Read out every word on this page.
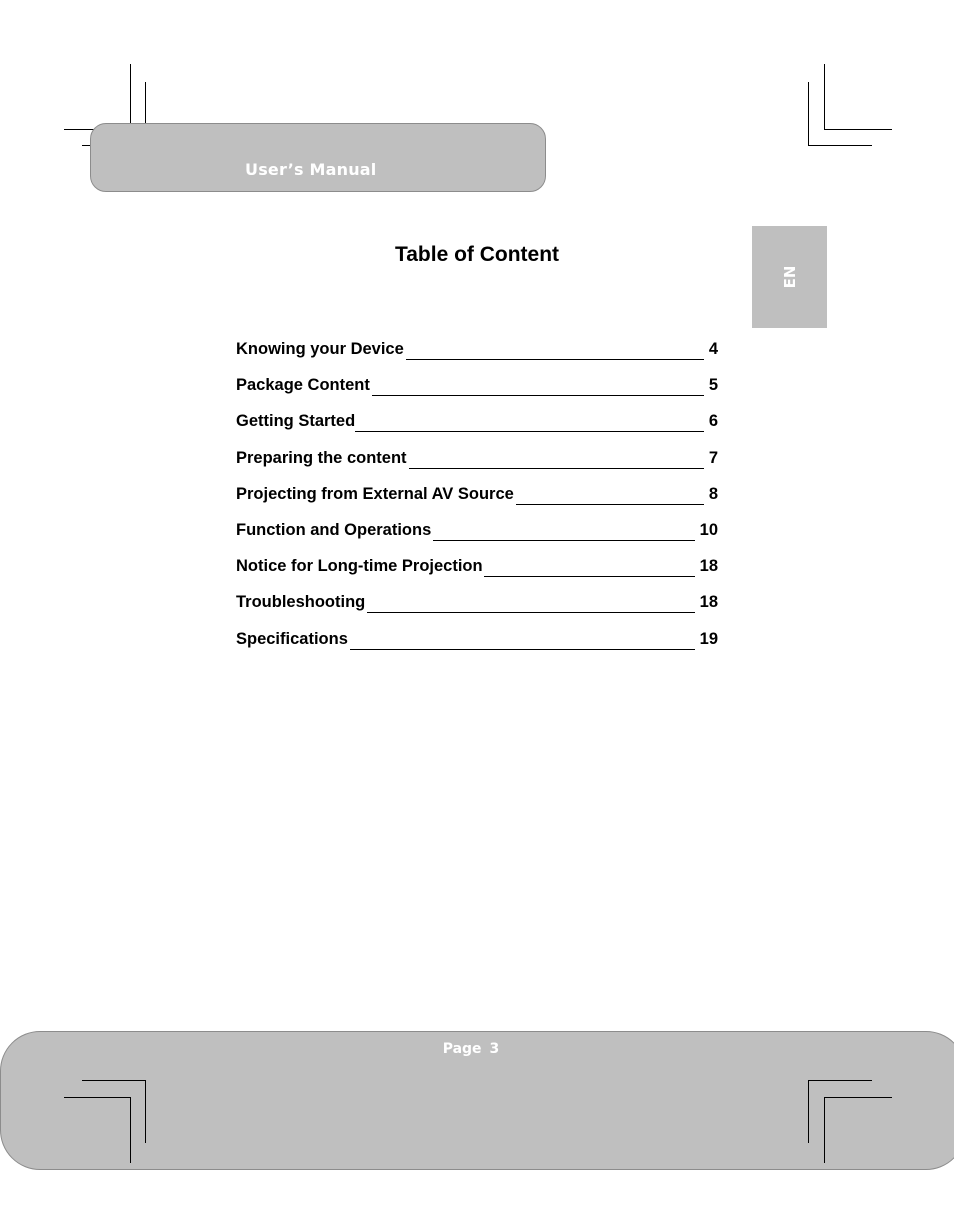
User’s Manual
EN
Table of Content
Knowing your Device	4
Package Content	5
Getting Started	6
Preparing the content	7
Projecting from External AV Source	8
Function and Operations	10
Notice for Long-time Projection	18
Troubleshooting	18
Specifications	19
Page 3
